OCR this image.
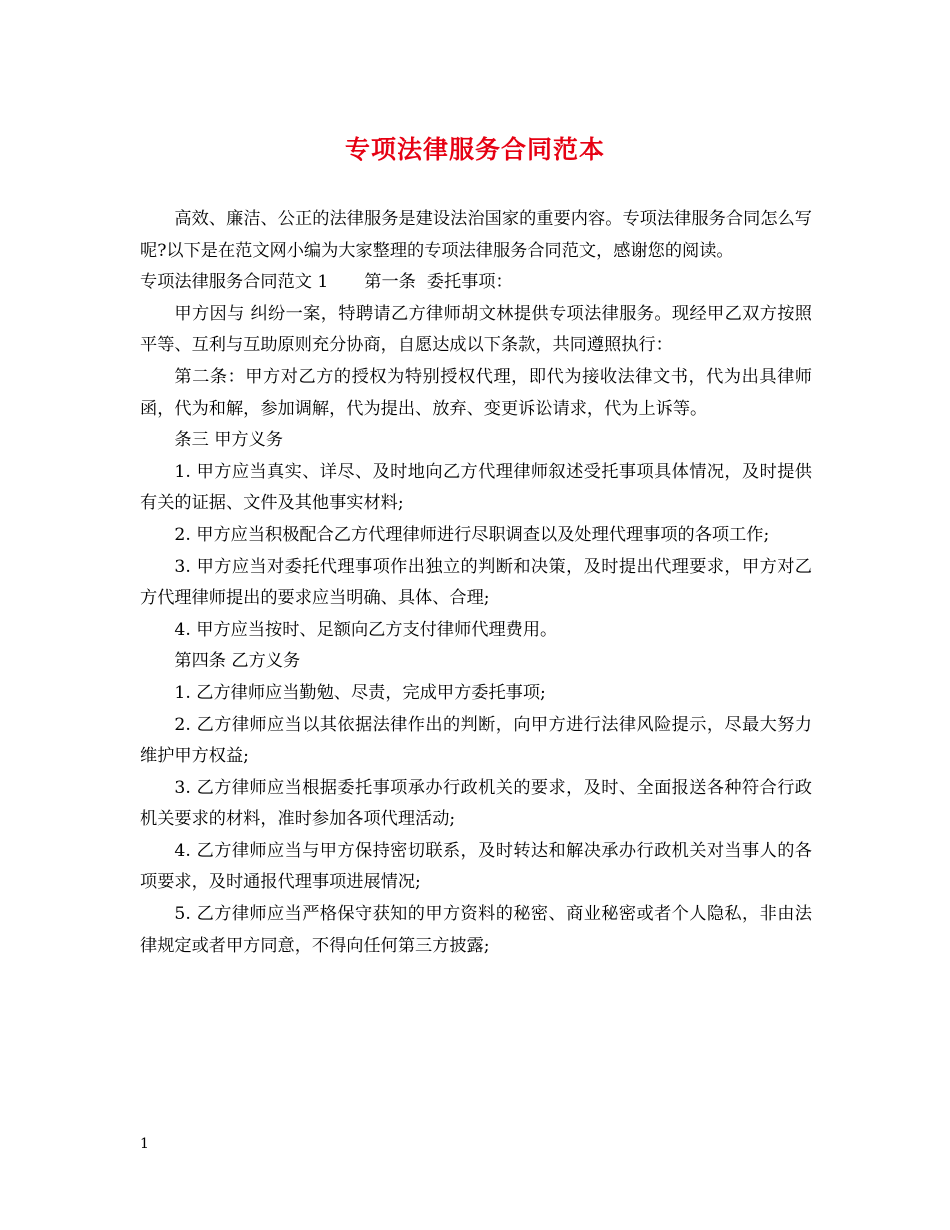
专项法律服务合同范本

高效、廉洁、公正的法律服务是建设法治国家的重要内容。专项法律服务合同怎么写呢?以下是在范文网小编为大家整理的专项法律服务合同范文，感谢您的阅读。

专项法律服务合同范文 1 第一条  委托事项：

甲方因与 纠纷一案，特聘请乙方律师胡文林提供专项法律服务。现经甲乙双方按照平等、互利与互助原则充分协商，自愿达成以下条款，共同遵照执行：

第二条：甲方对乙方的授权为特别授权代理，即代为接收法律文书，代为出具律师函，代为和解，参加调解，代为提出、放弃、变更诉讼请求，代为上诉等。

条三 甲方义务

1. 甲方应当真实、详尽、及时地向乙方代理律师叙述受托事项具体情况，及时提供有关的证据、文件及其他事实材料;

2. 甲方应当积极配合乙方代理律师进行尽职调查以及处理代理事项的各项工作;

3. 甲方应当对委托代理事项作出独立的判断和决策，及时提出代理要求，甲方对乙方代理律师提出的要求应当明确、具体、合理;

4. 甲方应当按时、足额向乙方支付律师代理费用。

第四条 乙方义务

1. 乙方律师应当勤勉、尽责，完成甲方委托事项;

2. 乙方律师应当以其依据法律作出的判断，向甲方进行法律风险提示，尽最大努力维护甲方权益;

3. 乙方律师应当根据委托事项承办行政机关的要求，及时、全面报送各种符合行政机关要求的材料，准时参加各项代理活动;

4. 乙方律师应当与甲方保持密切联系，及时转达和解决承办行政机关对当事人的各项要求，及时通报代理事项进展情况;

5. 乙方律师应当严格保守获知的甲方资料的秘密、商业秘密或者个人隐私，非由法律规定或者甲方同意，不得向任何第三方披露;

1
